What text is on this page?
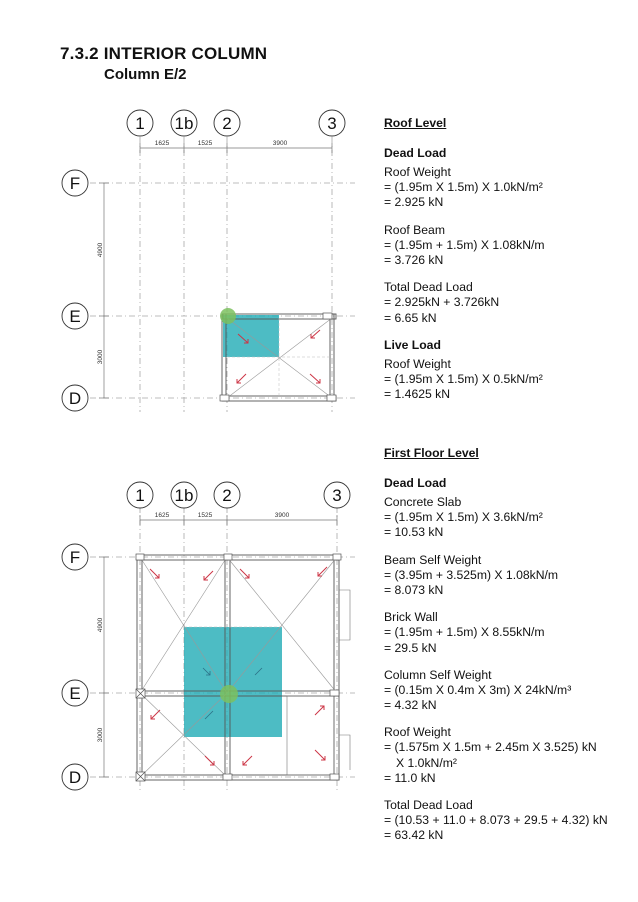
7.3.2 INTERIOR COLUMN
Column E/2
1625	1525	3900
4900
3000
1 1b 2	3
F
E
D
1625	1525	3900
4900
3000
1 1b 2	3
F
E
D
Roof Level
Dead Load
Roof Weight
= (1.95m X 1.5m) X 1.0kN/m²
= 2.925 kN
Roof Beam
= (1.95m + 1.5m) X 1.08kN/m
= 3.726 kN
Total Dead Load
= 2.925kN + 3.726kN
= 6.65 kN
Live Load
Roof Weight
= (1.95m X 1.5m) X 0.5kN/m²
= 1.4625 kN
First Floor Level
Dead Load
Concrete Slab
= (1.95m X 1.5m) X 3.6kN/m²
= 10.53 kN
Beam Self Weight
= (3.95m + 3.525m) X 1.08kN/m
= 8.073 kN
Brick Wall
= (1.95m + 1.5m) X 8.55kN/m
= 29.5 kN
Column Self Weight
= (0.15m X 0.4m X 3m) X 24kN/m³
= 4.32 kN
Roof Weight
= (1.575m X 1.5m + 2.45m X 3.525) kN
X 1.0kN/m²
= 11.0 kN
Total Dead Load
= (10.53 + 11.0 + 8.073 + 29.5 + 4.32) kN
= 63.42 kN
